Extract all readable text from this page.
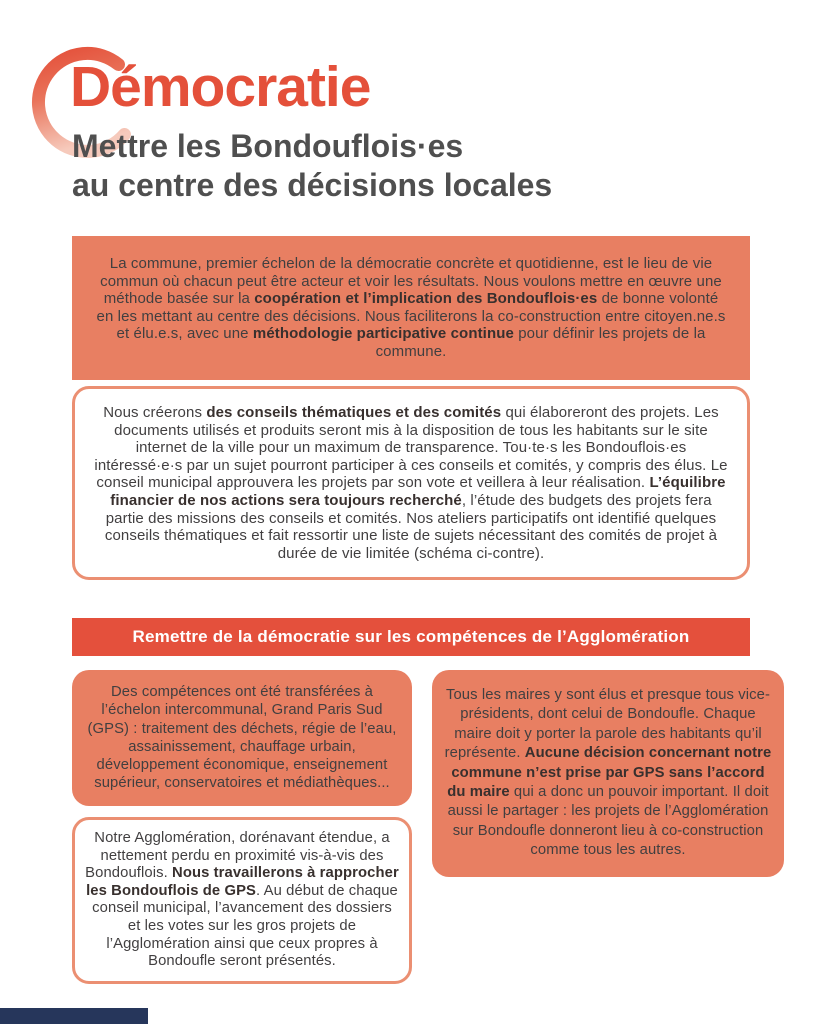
Démocratie
Mettre les Bondouflois·es
au centre des décisions locales
La commune, premier échelon de la démocratie concrète et quotidienne, est le lieu de vie commun où chacun peut être acteur et voir les résultats. Nous voulons mettre en œuvre une méthode basée sur la coopération et l’implication des Bondouflois·es de bonne volonté en les mettant au centre des décisions. Nous faciliterons la co-construction entre citoyen.ne.s et élu.e.s, avec une méthodologie participative continue pour définir les projets de la commune.
Nous créerons des conseils thématiques et des comités qui élaboreront des projets. Les documents utilisés et produits seront mis à la disposition de tous les habitants sur le site internet de la ville pour un maximum de transparence. Tou·te·s les Bondouflois·es intéressé·e·s par un sujet pourront participer à ces conseils et comités, y compris des élus. Le conseil municipal approuvera les projets par son vote et veillera à leur réalisation. L’équilibre financier de nos actions sera toujours recherché, l’étude des budgets des projets fera partie des missions des conseils et comités. Nos ateliers participatifs ont identifié quelques conseils thématiques et fait ressortir une liste de sujets nécessitant des comités de projet à durée de vie limitée (schéma ci-contre).
Remettre de la démocratie sur les compétences de l’Agglomération
Des compétences ont été transférées à l’échelon intercommunal, Grand Paris Sud (GPS) : traitement des déchets, régie de l’eau, assainissement, chauffage urbain, développement économique, enseignement supérieur, conservatoires et médiathèques...
Notre Agglomération, dorénavant étendue, a nettement perdu en proximité vis-à-vis des Bondouflois. Nous travaillerons à rapprocher les Bondouflois de GPS. Au début de chaque conseil municipal, l’avancement des dossiers et les votes sur les gros projets de l’Agglomération ainsi que ceux propres à Bondoufle seront présentés.
Tous les maires y sont élus et presque tous vice-présidents, dont celui de Bondoufle. Chaque maire doit y porter la parole des habitants qu’il représente. Aucune décision concernant notre commune n’est prise par GPS sans l’accord du maire qui a donc un pouvoir important. Il doit aussi le partager : les projets de l’Agglomération sur Bondoufle donneront lieu à co-construction comme tous les autres.
